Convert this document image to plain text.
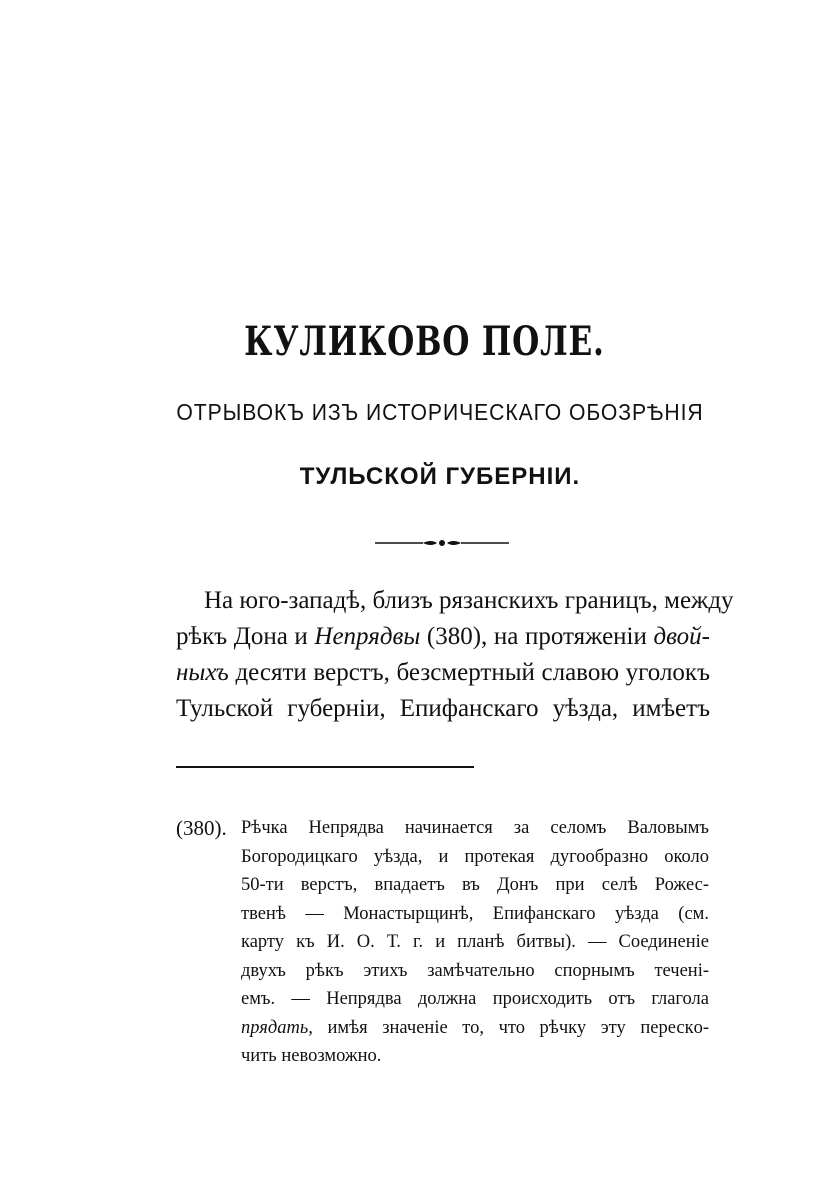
КУЛИКОВО ПОЛЕ.
ОТРЫВОКЪ ИЗЪ ИСТОРИЧЕСКАГО ОБОЗРѢНІЯ
ТУЛЬСКОЙ ГУБЕРНІИ.
На юго-западѣ, близъ рязанскихъ границъ, между
рѣкъ Дона и Непрядвы (380), на протяженіи двой-
ныхъ десяти верстъ, безсмертный славою уголокъ
Тульской губерніи, Епифанскаго уѣзда, имѣетъ
(380). Рѣчка Непрядва начинается за селомъ Валовымъ
Богородицкаго уѣзда, и протекая дугообразно около
50-ти верстъ, впадаетъ въ Донъ при селѣ Рожес-
твенѣ — Монастырщинѣ, Епифанскаго уѣзда (см.
карту къ И. О. Т. г. и планѣ битвы). — Соединеніе
двухъ рѣкъ этихъ замѣчательно спорнымъ теченi-
емъ. — Непрядва должна происходить отъ глагола
прядать, имѣя значеніе то, что рѣчку эту перескo-
чить невозможно.
